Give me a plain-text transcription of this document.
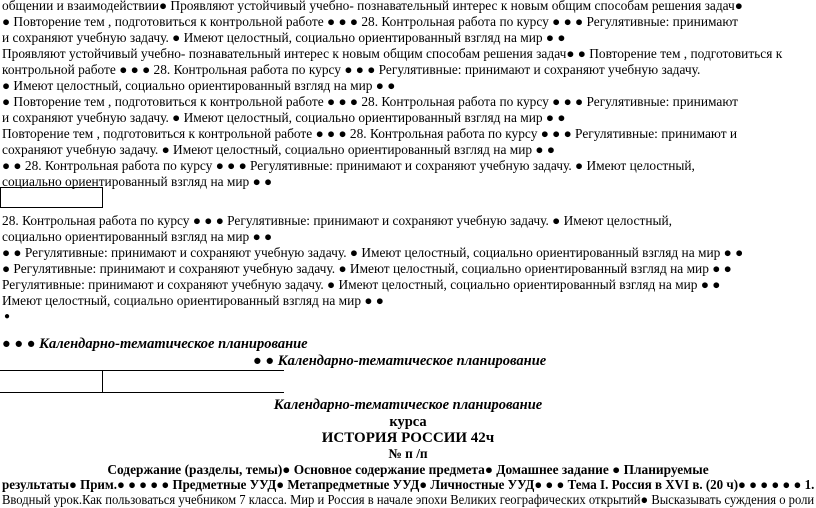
общении и взаимодействии● Проявляют устойчивый учебно- познавательный интерес к новым общим способам решения задач●
● Повторение тем , подготовиться к контрольной работе ● ● ● 28. Контрольная работа по курсу ● ● ● Регулятивные: принимают
и сохраняют учебную задачу. ● Имеют целостный, социально ориентированный взгляд на мир ● ●
Проявляют устойчивый учебно- познавательный интерес к новым общим способам решения задач● ● Повторение тем , подготовиться к
контрольной работе ● ● ● 28. Контрольная работа по курсу ● ● ● Регулятивные: принимают и сохраняют учебную задачу.
● Имеют целостный, социально ориентированный взгляд на мир ● ●
● Повторение тем , подготовиться к контрольной работе ● ● ● 28. Контрольная работа по курсу ● ● ● Регулятивные: принимают
и сохраняют учебную задачу. ● Имеют целостный, социально ориентированный взгляд на мир ● ●
Повторение тем , подготовиться к контрольной работе ● ● ● 28. Контрольная работа по курсу ● ● ● Регулятивные: принимают и
сохраняют учебную задачу. ● Имеют целостный, социально ориентированный взгляд на мир ● ●
● ● 28. Контрольная работа по курсу ● ● ● Регулятивные: принимают и сохраняют учебную задачу. ● Имеют целостный,
социально ориентированный взгляд на мир ● ●
28. Контрольная работа по курсу ● ● ● Регулятивные: принимают и сохраняют учебную задачу. ● Имеют целостный,
социально ориентированный взгляд на мир ● ●
● ● Регулятивные: принимают и сохраняют учебную задачу. ● Имеют целостный, социально ориентированный взгляд на мир ● ●
● Регулятивные: принимают и сохраняют учебную задачу. ● Имеют целостный, социально ориентированный взгляд на мир ● ●
Регулятивные: принимают и сохраняют учебную задачу. ● Имеют целостный, социально ориентированный взгляд на мир ● ●
Имеют целостный, социально ориентированный взгляд на мир ● ●
●
● ● ● Календарно-тематическое планирование
● ● Календарно-тематическое планирование
Календарно-тематическое планирование
курса
ИСТОРИЯ РОССИИ 42ч
№ п /п
Содержание (разделы, темы)● Основное содержание предмета● Домашнее задание ● Планируемые
результаты● Прим.● ● ● ● ● Предметные УУД● Метапредметные УУД● Личностные УУД● ● ● Тема I. Россия в XVI в. (20 ч)● ● ● ● ● ● 1.
Вводный урок.Как пользоваться учебником 7 класса. Мир и Россия в начале эпохи Великих географических открытий● Высказывать суждения о роли
